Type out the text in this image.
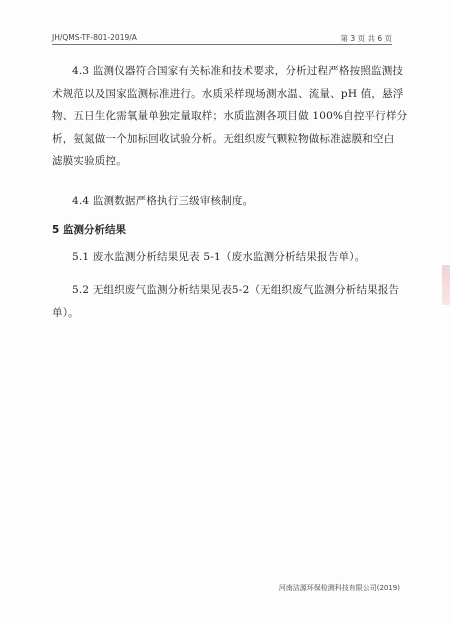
JH/QMS-TF-801-2019/A	第 3 页 共 6 页
4.3 监测仪器符合国家有关标准和技术要求，分析过程严格按照监测技
术规范以及国家监测标准进行。水质采样现场测水温、流量、pH 值，悬浮
物、五日生化需氧量单独定量取样；水质监测各项目做 100%自控平行样分
析，氨氮做一个加标回收试验分析。无组织废气颗粒物做标准滤膜和空白
滤膜实验质控。
4.4 监测数据严格执行三级审核制度。
5 监测分析结果
5.1 废水监测分析结果见表 5-1（废水监测分析结果报告单）。
5.2 无组织废气监测分析结果见表5-2（无组织废气监测分析结果报告
单）。
河南洁源环保检测科技有限公司(2019)
